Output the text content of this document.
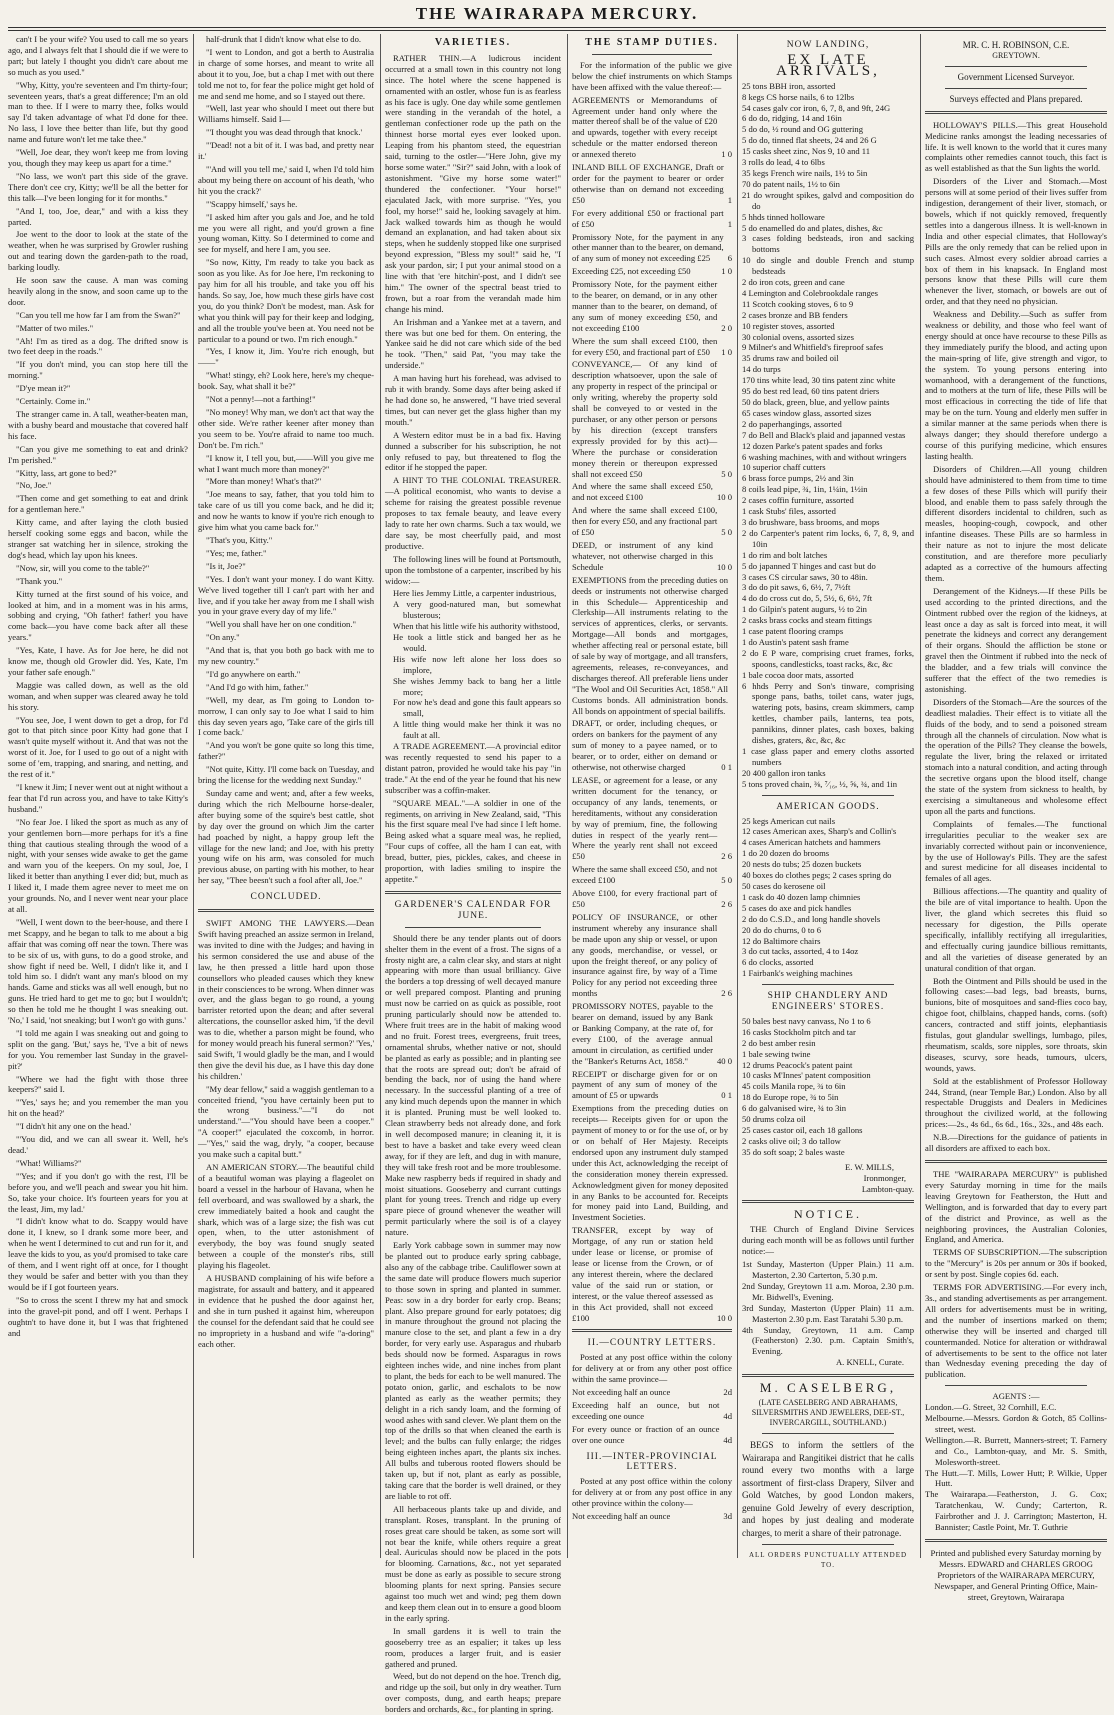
THE WAIRARAPA MERCURY.

can't I be your wife? You used to call me so years ago, and I always felt that I should die if we were to part; but lately I thought you didn't care about me so much as you used."

"Why, Kitty, you're seventeen and I'm thirty-four; seventeen years, that's a great difference; I'm an old man to thee. If I were to marry thee, folks would say I'd taken advantage of what I'd done for thee. No lass, I love thee better than life, but thy good name and future won't let me take thee."

"Well, Joe dear, they won't keep me from loving you, though they may keep us apart for a time."

"No lass, we won't part this side of the grave. There don't cee cry, Kitty; we'll be all the better for this talk—I've been longing for it for months."

"And I, too, Joe, dear," and with a kiss they parted.

Joe went to the door to look at the state of the weather, when he was surprised by Growler rushing out and tearing down the garden-path to the road, barking loudly.

He soon saw the cause. A man was coming heavily along in the snow, and soon came up to the door.

"Can you tell me how far I am from the Swan?"

"Matter of two miles."

"Ah! I'm as tired as a dog. The drifted snow is two feet deep in the roads."

"If you don't mind, you can stop here till the morning."

"D'ye mean it?"

"Certainly. Come in."

The stranger came in. A tall, weather-beaten man, with a bushy beard and moustache that covered half his face.

"Can you give me something to eat and drink? I'm perished."

"Kitty, lass, art gone to bed?"

"No, Joe."

"Then come and get something to eat and drink for a gentleman here."

Kitty came, and after laying the cloth busied herself cooking some eggs and bacon, while the stranger sat watching her in silence, stroking the dog's head, which lay upon his knees.

"Now, sir, will you come to the table?"

"Thank you."

Kitty turned at the first sound of his voice, and looked at him, and in a moment was in his arms, sobbing and crying, "Oh father! father! you have come back—you have come back after all these years."

"Yes, Kate, I have. As for Joe here, he did not know me, though old Growler did. Yes, Kate, I'm your father safe enough."

Maggie was called down, as well as the old woman, and when supper was cleared away he told his story.

"You see, Joe, I went down to get a drop, for I'd got to that pitch since poor Kitty had gone that I wasn't quite myself without it. And that was not the worst of it. Joe, for I used to go out of a night with some of 'em, trapping, and snaring, and netting, and the rest of it."

"I knew it Jim; I never went out at night without a fear that I'd run across you, and have to take Kitty's husband."

"No fear Joe. I liked the sport as much as any of your gentlemen born—more perhaps for it's a fine thing that cautious stealing through the wood of a night, with your senses wide awake to get the game and warn you of the keepers. On my soul, Joe, I liked it better than anything I ever did; but, much as I liked it, I made them agree never to meet me on your grounds. No, and I never went near your place at all.

"Well, I went down to the beer-house, and there I met Scappy, and he began to talk to me about a big affair that was coming off near the town. There was to be six of us, with guns, to do a good stroke, and show fight if need be. Well, I didn't like it, and I told him so. I didn't want any man's blood on my hands. Game and sticks was all well enough, but no guns. He tried hard to get me to go; but I wouldn't; so then he told me he thought I was sneaking out. 'No,' I said, 'not sneaking; but I won't go with guns.'

"I told me again I was sneaking out and going to split on the gang. 'But,' says he, 'I've a bit of news for you. You remember last Sunday in the gravel-pit?'

"Where we had the fight with those three keepers?" said I.

"'Yes,' says he; and you remember the man you hit on the head?'

"'I didn't hit any one on the head.'

"'You did, and we can all swear it. Well, he's dead.'

"What! Williams?"

"'Yes; and if you don't go with the rest, I'll be before you, and we'll peach and swear you hit him. So, take your choice. It's fourteen years for you at the least, Jim, my lad.'

"I didn't know what to do. Scappy would have done it, I knew, so I drank some more beer, and when he went I determined to cut and run for it, and leave the kids to you, as you'd promised to take care of them, and I went right off at once, for I thought they would be safer and better with you than they would be if I got fourteen years.

"So to cross the scent I threw my hat and smock into the gravel-pit pond, and off I went. Perhaps I oughtn't to have done it, but I was that frightened and

half-drunk that I didn't know what else to do.

"I went to London, and got a berth to Australia in charge of some horses, and meant to write all about it to you, Joe, but a chap I met with out there told me not to, for fear the police might get hold of me and send me home, and so I stayed out there.

"Well, last year who should I meet out there but Williams himself. Said I—

"'I thought you was dead through that knock.'

"'Dead! not a bit of it. I was bad, and pretty near it.'

"'And will you tell me,' said I, when I'd told him about my being there on account of his death, 'who hit you the crack?'

"'Scappy himself,' says he.

"I asked him after you gals and Joe, and he told me you were all right, and you'd grown a fine young woman, Kitty. So I determined to come and see for myself, and here I am, you see.

"So now, Kitty, I'm ready to take you back as soon as you like. As for Joe here, I'm reckoning to pay him for all his trouble, and take you off his hands. So say, Joe, how much these girls have cost you, do you think? Don't be modest, man. Ask for what you think will pay for their keep and lodging, and all the trouble you've been at. You need not be particular to a pound or two. I'm rich enough."

"Yes, I know it, Jim. You're rich enough, but——"

"What! stingy, eh? Look here, here's my cheque-book. Say, what shall it be?"

"Not a penny!—not a farthing!"

"No money! Why man, we don't act that way the other side. We're rather keener after money than you seem to be. You're afraid to name too much. Don't be. I'm rich."

"I know it, I tell you, but,——Will you give me what I want much more than money?"

"More than money! What's that?"

"Joe means to say, father, that you told him to take care of us till you come back, and he did it; and now he wants to know if you're rich enough to give him what you came back for."

"That's you, Kitty."

"Yes; me, father."

"Is it, Joe?"

"Yes. I don't want your money. I do want Kitty. We've lived together till I can't part with her and live, and if you take her away from me I shall wish you in your grave every day of my life."

"Well you shall have her on one condition."

"On any."

"And that is, that you both go back with me to my new country."

"I'd go anywhere on earth."

"And I'd go with him, father."

"Well, my dear, as I'm going to London to-morrow, I can only say to Joe what I said to him this day seven years ago, 'Take care of the girls till I come back.'

"And you won't be gone quite so long this time, father?"

"Not quite, Kitty. I'll come back on Tuesday, and bring the license for the wedding next Sunday."

Sunday came and went; and, after a few weeks, during which the rich Melbourne horse-dealer, after buying some of the squire's best cattle, shot by day over the ground on which Jim the carter had poached by night, a happy group left the village for the new land; and Joe, with his pretty young wife on his arm, was consoled for much previous abuse, on parting with his mother, to hear her say, "Thee beesn't such a fool after all, Joe."

CONCLUDED.

SWIFT AMONG THE LAWYERS.—Dean Swift having preached an assize sermon in Ireland, was invited to dine with the Judges; and having in his sermon considered the use and abuse of the law, he then pressed a little hard upon those counsellors who pleaded causes which they knew in their consciences to be wrong. When dinner was over, and the glass began to go round, a young barrister retorted upon the dean; and after several altercations, the counsellor asked him, 'if the devil was to die, whether a parson might be found, who for money would preach his funeral sermon?' 'Yes,' said Swift, 'I would gladly be the man, and I would then give the devil his due, as I have this day done his children.'

"My dear fellow," said a waggish gentleman to a conceited friend, "you have certainly been put to the wrong business."—"I do not understand."—"You should have been a cooper." "A cooper!" ejaculated the coxcomb, in horror.—"Yes," said the wag, dryly, "a cooper, because you make such a capital butt."

AN AMERICAN STORY.—The beautiful child of a beautiful woman was playing a flageolet on board a vessel in the harbour of Havana, when he fell overboard, and was swallowed by a shark, the crew immediately baited a hook and caught the shark, which was of a large size; the fish was cut open, when, to the utter astonishment of everybody, the boy was found snugly seated between a couple of the monster's ribs, still playing his flageolet.

A HUSBAND complaining of his wife before a magistrate, for assault and battery, and it appeared in evidence that he pushed the door against her, and she in turn pushed it against him, whereupon the counsel for the defendant said that he could see no impropriety in a husband and wife "a-doring" each other.

VARIETIES.

RATHER THIN.—A ludicrous incident occurred at a small town in this country not long since. The hotel where the scene happened is ornamented with an ostler, whose fun is as fearless as his face is ugly. One day while some gentlemen were standing in the verandah of the hotel, a gentleman confectioner rode up the path on the thinnest horse mortal eyes ever looked upon. Leaping from his phantom steed, the equestrian said, turning to the ostler—"Here John, give my horse some water." "Sir?" said John, with a look of astonishment. "Give my horse some water!" thundered the confectioner. "Your horse!" ejaculated Jack, with more surprise. "Yes, you fool, my horse!" said he, looking savagely at him. Jack walked towards him as though he would demand an explanation, and had taken about six steps, when he suddenly stopped like one surprised beyond expression, "Bless my soul!" said he, "I ask your pardon, sir; I put your animal stood on a line with that 'ere hitchin'-post, and I didn't see him." The owner of the spectral beast tried to frown, but a roar from the verandah made him change his mind.

An Irishman and a Yankee met at a tavern, and there was but one bed for them. On entering, the Yankee said he did not care which side of the bed he took. "Then," said Pat, "you may take the underside."

A man having hurt his forehead, was advised to rub it with brandy. Some days after being asked if he had done so, he answered, "I have tried several times, but can never get the glass higher than my mouth."

A Western editor must be in a bad fix. Having dunned a subscriber for his subscription, he not only refused to pay, but threatened to flog the editor if he stopped the paper.

A HINT TO THE COLONIAL TREASURER.—A political economist, who wants to devise a scheme for raising the greatest possible revenue proposes to tax female beauty, and leave every lady to rate her own charms. Such a tax would, we dare say, be most cheerfully paid, and most productive.

The following lines will be found at Portsmouth, upon the tombstone of a carpenter, inscribed by his widow:—

Here lies Jemmy Little, a carpenter industrious,
A very good-natured man, but somewhat blusterous;
When that his little wife his authority withstood,
He took a little stick and banged her as he would.
His wife now left alone her loss does so implore,
She wishes Jemmy back to bang her a little more;
For now he's dead and gone this fault appears so small,
A little thing would make her think it was no fault at all.

A TRADE AGREEMENT.—A provincial editor was recently requested to send his paper to a distant patron, provided he would take his pay "in trade." At the end of the year he found that his new subscriber was a coffin-maker.

"SQUARE MEAL."—A soldier in one of the regiments, on arriving in New Zealand, said, "This his the first square meal I've had since I left home. Being asked what a square meal was, he replied, "Four cups of coffee, all the ham I can eat, with bread, butter, pies, pickles, cakes, and cheese in proportion, with ladies smiling to inspire the appetite."

GARDENER'S CALENDAR FOR JUNE.

Should there be any tender plants out of doors shelter them in the event of a frost. The signs of a frosty night are, a calm clear sky, and stars at night appearing with more than usual brilliancy. Give the borders a top dressing of well decayed manure or well prepared compost. Planting and pruning must now be carried on as quick as possible, root pruning particularly should now be attended to. Where fruit trees are in the habit of making wood and no fruit. Forest trees, evergreens, fruit trees, ornamental shrubs, whether native or not, should be planted as early as possible; and in planting see that the roots are spread out; don't be afraid of bending the back, nor of using the hand where necessary. In the successful planting of a tree of any kind much depends upon the manner in which it is planted. Pruning must be well looked to. Clean strawberry beds not already done, and fork in well decomposed manure; in cleaning it, it is best to have a basket and take every weed clean away, for if they are left, and dug in with manure, they will take fresh root and be more troublesome. Make new raspberry beds if required in shady and moist situations. Gooseberry and currant cuttings plant for young trees. Trench and ridge up every spare piece of ground whenever the weather will permit particularly where the soil is of a clayey nature.

Early York cabbage sown in summer may now be planted out to produce early spring cabbage, also any of the cabbage tribe. Cauliflower sown at the same date will produce flowers much superior to those sown in spring and planted in summer. Peas: sow in a dry border for early crop. Beans; plant. Also prepare ground for early potatoes; dig in manure throughout the ground not placing the manure close to the set, and plant a few in a dry border, for very early use. Asparagus and rhubarb beds should now be formed. Asparagus in rows eighteen inches wide, and nine inches from plant to plant, the beds for each to be well manured. The potato onion, garlic, and eschalots to be now planted as early as the weather permits; they delight in a rich sandy loam, and the forming of wood ashes with sand clever. We plant them on the top of the drills so that when cleaned the earth is level; and the bulbs can fully enlarge; the ridges being eighteen inches apart, the plants six inches. All bulbs and tuberous rooted flowers should be taken up, but if not, plant as early as possible, taking care that the border is well drained, or they are liable to rot off.

All herbaceous plants take up and divide, and transplant. Roses, transplant. In the pruning of roses great care should be taken, as some sort will not bear the knife, while others require a great deal. Auriculas should now be placed in the pots for blooming. Carnations, &c., not yet separated must be done as early as possible to secure strong blooming plants for next spring. Pansies secure against too much wet and wind; peg them down and keep them clean out in to ensure a good bloom in the early spring.

In small gardens it is well to train the gooseberry tree as an espalier; it takes up less room, produces a larger fruit, and is easier gathered and pruned.

Weed, but do not depend on the hoe. Trench dig, and ridge up the soil, but only in dry weather. Turn over composts, dung, and earth heaps; prepare borders and orchards, &c., for planting in spring.

THE STAMP DUTIES.

For the information of the public we give below the chief instruments on which Stamps have been affixed with the value thereof:—

AGREEMENTS or Memorandums of Agreement under hand only where the matter thereof shall be of the value of £20 and upwards, together with every receipt schedule or the matter endorsed thereon or annexed thereto	1 0
INLAND BILL OF EXCHANGE, Draft or order for the payment to bearer or order otherwise than on demand not exceeding £50	1
For every additional £50 or fractional part of £50	1
Promissory Note, for the payment in any other manner than to the bearer, on demand, of any sum of money not exceeding £25	6
Exceeding £25, not exceeding £50	1 0
Promissory Note, for the payment either to the bearer, on demand, or in any other manner than to the bearer, on demand, of any sum of money exceeding £50, and not exceeding £100	2 0
Where the sum shall exceed £100, then for every £50, and fractional part of £50	1 0
CONVEYANCE,— Of any kind of description whatsoever, upon the sale of any property in respect of the principal or only writing, whereby the property sold shall be conveyed to or vested in the purchaser, or any other person or persons by his direction (except transfers expressly provided for by this act)— Where the purchase or consideration money therein or thereupon expressed shall not exceed £50	5 0
And where the same shall exceed £50, and not exceed £100	10 0
And where the same shall exceed £100, then for every £50, and any fractional part of £50	5 0
DEED, or instrument of any kind whatever, not otherwise charged in this Schedule	10 0
EXEMPTIONS from the preceding duties on deeds or instruments not otherwise charged in this Schedule— Apprenticeship and Clerkship—All instruments relating to the services of apprentices, clerks, or servants. Mortgage—All bonds and mortgages, whether affecting real or personal estate, bill of sale by way of mortgage, and all transfers, agreements, releases, re-conveyances, and discharges thereof. All preferable liens under "The Wool and Oil Securities Act, 1858." All Customs bonds. All administration bonds. All bonds on appointment of special bailiffs.
DRAFT, or order, including cheques, or orders on bankers for the payment of any sum of money to a payee named, or to bearer, or to order, either on demand or otherwise, not otherwise charged	0 1
LEASE, or agreement for a lease, or any written document for the tenancy, or occupancy of any lands, tenements, or hereditaments, without any consideration by way of premium, fine, the following duties in respect of the yearly rent— Where the yearly rent shall not exceed £50	2 6
Where the same shall exceed £50, and not exceed £100	5 0
Above £100, for every fractional part of £50	2 6
POLICY OF INSURANCE, or other instrument whereby any insurance shall be made upon any ship or vessel, or upon any goods, merchandise, or vessel, or upon the freight thereof, or any policy of insurance against fire, by way of a Time Policy for any period not exceeding three months	2 6
PROMISSORY NOTES, payable to the bearer on demand, issued by any Bank or Banking Company, at the rate of, for every £100, of the average annual amount in circulation, as certified under the "Banker's Returns Act, 1858."	40 0
RECEIPT or discharge given for or on payment of any sum of money of the amount of £5 or upwards	0 1
Exemptions from the preceding duties on receipts— Receipts given for or upon the payment of money to or for the use of, or by or on behalf of Her Majesty. Receipts endorsed upon any instrument duly stamped under this Act, acknowledging the receipt of the consideration money therein expressed. Acknowledgment given for money deposited in any Banks to be accounted for. Receipts for money paid into Land, Building, and Investment Societies.
TRANSFER, except by way of Mortgage, of any run or station held under lease or license, or promise of lease or license from the Crown, or of any interest therein, where the declared value of the said run or station, or interest, or the value thereof assessed as in this Act provided, shall not exceed £100	10 0
II.—COUNTRY LETTERS.

Posted at any post office within the colony for delivery at or from any other post office within the same province—

Not exceeding half an ounce	2d
Exceeding half an ounce, but not exceeding one ounce	4d
For every ounce or fraction of an ounce over one ounce	4d
III.—INTER-PROVINCIAL LETTERS.

Posted at any post office within the colony for delivery at or from any post office in any other province within the colony—

Not exceeding half an ounce	3d
NOW LANDING,
EX LATE ARRIVALS,
25 tons BBH iron, assorted
8 kegs CS horse nails, 6 to 12lbs
54 cases galv cor iron, 6, 7, 8, and 9ft, 24G
6 do do, ridging, 14 and 16in
5 do do, ½ round and OG guttering
5 do do, tinned flat sheets, 24 and 26 G
15 casks sheet zinc, Nos 9, 10 and 11
3 rolls do lead, 4 to 6lbs
35 kegs French wire nails, 1½ to 5in
70 do patent nails, 1½ to 6in
21 do wrought spikes, galvd and composition do do
5 hhds tinned holloware
5 do enamelled do and plates, dishes, &c
3 cases folding bedsteads, iron and sacking bottoms
10 do single and double French and stump bedsteads
2 do iron cots, green and cane
4 Lemington and Colebrookdale ranges
11 Scotch cooking stoves, 6 to 9
2 cases bronze and BB fenders
10 register stoves, assorted
30 colonial ovens, assorted sizes
9 Milner's and Whitfield's fireproof safes
35 drums raw and boiled oil
14 do turps
170 tins white lead, 30 tins patent zinc white
95 do best red lead, 60 tins patent driers
50 do black, green, blue, and yellow paints
65 cases window glass, assorted sizes
2 do paperhangings, assorted
7 do Bell and Black's plaid and japanned vestas
12 dozen Parke's patent spades and forks
6 washing machines, with and without wringers
10 superior chaff cutters
6 brass force pumps, 2½ and 3in
8 coils lead pipe, ¾, 1in, 1¼in, 1½in
2 cases coffin furniture, assorted
1 cask Stubs' files, assorted
3 do brushware, bass brooms, and mops
2 do Carpenter's patent rim locks, 6, 7, 8, 9, and 10in
1 do rim and bolt latches
5 do japanned T hinges and cast but do
3 cases CS circular saws, 30 to 48in.
3 do do pit saws, 6, 6½, 7, 7½ft
4 do do cross cut do, 5, 5½, 6, 6½, 7ft
1 do Gilpin's patent augurs, ½ to 2in
2 casks brass cocks and steam fittings
1 case patent flooring cramps
1 do Austin's patent sash frame
2 do E P ware, comprising cruet frames, forks, spoons, candlesticks, toast racks, &c, &c
1 bale cocoa door mats, assorted
6 hhds Perry and Son's tinware, comprising sponge pans, baths, toilet cans, water jugs, watering pots, basins, cream skimmers, camp kettles, chamber pails, lanterns, tea pots, pannikins, dinner plates, cash boxes, baking dishes, graters, &c, &c, &c
1 case glass paper and emery cloths assorted numbers
20 400 gallon iron tanks
5 tons proved chain, ⅜, ⁷⁄₁₆, ½, ⅝, ¾, and 1in
AMERICAN GOODS.
25 kegs American cut nails
12 cases American axes, Sharp's and Collin's
4 cases American hatchets and hammers
1 do 20 dozen do brooms
20 nests do tubs; 25 dozen buckets
40 boxes do clothes pegs; 2 cases spring do
50 cases do kerosene oil
1 cask do 40 dozen lamp chimnies
5 cases do axe and pick handles
2 do do C.S.D., and long handle shovels
20 do do churns, 0 to 6
12 do Baltimore chairs
3 do cut tacks, assorted, 4 to 14oz
6 do clocks, assorted
1 Fairbank's weighing machines
SHIP CHANDLERY AND ENGINEERS' STORES.
50 bales best navy canvass, No 1 to 6
16 casks Stockholm pitch and tar
2 do best amber resin
1 bale sewing twine
12 drums Peacock's patent paint
10 casks M'Innes' patent composition
45 coils Manila rope, ¾ to 6in
18 do Europe rope, ¾ to 5in
6 do galvanised wire, ¾ to 3in
50 drums colza oil
25 cases castor oil, each 18 gallons
2 casks olive oil; 3 do tallow
35 do soft soap; 2 bales waste
E. W. MILLS,
Ironmonger,
Lambton-quay.
NOTICE.

THE Church of England Divine Services during each month will be as follows until further notice:—

1st Sunday, Masterton (Upper Plain.) 11 a.m. Masterton, 2.30 Carterton, 5.30 p.m.
2nd Sunday, Greytown 11 a.m. Moroa, 2.30 p.m. Mr. Bidwell's, Evening.
3rd Sunday, Masterton (Upper Plain) 11 a.m. Masterton 2.30 p.m. East Taratahi 5.30 p.m.
4th Sunday, Greytown, 11 a.m. Camp (Featherston) 2.30. p.m. Captain Smith's, Evening.
A. KNELL, Curate.
M. CASELBERG,
(LATE CASELBERG AND ABRAHAMS, SILVERSMITHS AND JEWELERS, DEE-ST., INVERCARGILL, SOUTHLAND.)

BEGS to inform the settlers of the Wairarapa and Rangitikei district that he calls round every two months with a large assortment of first-class Drapery, Silver and Gold Watches, by good London makers, genuine Gold Jewelry of every description, and hopes by just dealing and moderate charges, to merit a share of their patronage.

ALL ORDERS PUNCTUALLY ATTENDED TO.
MR. C. H. ROBINSON, C.E.
GREYTOWN.
Government Licensed Surveyor.
Surveys effected and Plans prepared.

HOLLOWAY'S PILLS.—This great Household Medicine ranks amongst the leading necessaries of life. It is well known to the world that it cures many complaints other remedies cannot touch, this fact is as well established as that the Sun lights the world.

Disorders of the Liver and Stomach.—Most persons will at some period of their lives suffer from indigestion, derangement of their liver, stomach, or bowels, which if not quickly removed, frequently settles into a dangerous illness. It is well-known in India and other especial climates, that Holloway's Pills are the only remedy that can be relied upon in such cases. Almost every soldier abroad carries a box of them in his knapsack. In England most persons know that these Pills will cure them whenever the liver, stomach, or bowels are out of order, and that they need no physician.

Weakness and Debility.—Such as suffer from weakness or debility, and those who feel want of energy should at once have recourse to these Pills as they immediately purify the blood, and acting upon the main-spring of life, give strength and vigor, to the system. To young persons entering into womanhood, with a derangement of the functions, and to mothers at the turn of life, these Pills will be most efficacious in correcting the tide of life that may be on the turn. Young and elderly men suffer in a similar manner at the same periods when there is always danger; they should therefore undergo a course of this purifying medicine, which ensures lasting health.

Disorders of Children.—All young children should have administered to them from time to time a few doses of these Pills which will purify their blood, and enable them to pass safely through the different disorders incidental to children, such as measles, hooping-cough, cowpock, and other infantine diseases. These Pills are so harmless in their nature as not to injure the most delicate constitution, and are therefore more peculiarly adapted as a corrective of the humours affecting them.

Derangement of the Kidneys.—If these Pills be used according to the printed directions, and the Ointment rubbed over the region of the kidneys, at least once a day as salt is forced into meat, it will penetrate the kidneys and correct any derangement of their organs. Should the affliction be stone or gravel then the Ointment if rubbed into the neck of the bladder, and a few trials will convince the sufferer that the effect of the two remedies is astonishing.

Disorders of the Stomach—Are the sources of the deadliest maladies. Their effect is to vitiate all the fluids of the body, and to send a poisoned stream through all the channels of circulation. Now what is the operation of the Pills? They cleanse the bowels, regulate the liver, bring the relaxed or irritated stomach into a natural condition, and acting through the secretive organs upon the blood itself, change the state of the system from sickness to health, by exercising a simultaneous and wholesome effect upon all the parts and functions.

Complaints of females.—The functional irregularities peculiar to the weaker sex are invariably corrected without pain or inconvenience, by the use of Holloway's Pills. They are the safest and surest medicine for all diseases incidental to females of all ages.

Billious affections.—The quantity and quality of the bile are of vital importance to health. Upon the liver, the gland which secretes this fluid so necessary for digestion, the Pills operate specifically, infallibly rectifying all irregularities, and effectually curing jaundice billious remittants, and all the varieties of disease generated by an unatural condition of that organ.

Both the Ointment and Pills should be used in the following cases:—bad legs, bad breasts, burns, bunions, bite of mosquitoes and sand-flies coco bay, chigoe foot, chilblains, chapped hands, corns. (soft) cancers, contracted and stiff joints, elephantiasis fistulas, gout glandular swellings, lumbago, piles, rheumatism, scalds, sore nipples, sore throats, skin diseases, scurvy, sore heads, tumours, ulcers, wounds, yaws.

Sold at the establishment of Professor Holloway 244, Strand, (near Temple Bar,) London. Also by all respectable Druggists and Dealers in Medicines throughout the civilized world, at the following prices:—2s., 4s 6d., 6s 6d., 16s., 32s., and 48s each.

N.B.—Directions for the guidance of patients in all disorders are affixed to each box.

THE "WAIRARAPA MERCURY" is published every Saturday morning in time for the mails leaving Greytown for Featherston, the Hutt and Wellington, and is forwarded that day to every part of the district and Province, as well as the neighboring provinces, the Australian Colonies, England, and America.

TERMS OF SUBSCRIPTION.—The subscription to the "Mercury" is 20s per annum or 30s if booked, or sent by post. Single copies 6d. each.

TERMS FOR ADVERTISING.—For every inch, 3s., and standing advertisements as per arrangement. All orders for advertisements must be in writing, and the number of insertions marked on them; otherwise they will be inserted and charged till countermanded. Notice for alteration or withdrawal of advertisements to be sent to the office not later than Wednesday evening preceding the day of publication.

AGENTS :—
London.—G. Street, 32 Cornhill, E.C.
Melbourne.—Messrs. Gordon & Gotch, 85 Collins-street, west.
Wellington.—R. Burrett, Manners-street; T. Farnery and Co., Lambton-quay, and Mr. S. Smith, Molesworth-street.
The Hutt.—T. Mills, Lower Hutt; P. Wilkie, Upper Hutt.
The Wairarapa.—Featherston, J. G. Cox; Taratchenkau, W. Cundy; Carterton, R. Fairbrother and J. J. Carrington; Masterton, H. Bannister; Castle Point, Mr. T. Guthrie

Printed and published every Saturday morning by Messrs. EDWARD and CHARLES GROOG Proprietors of the WAIRARAPA MERCURY, Newspaper, and General Printing Office, Main-street, Greytown, Wairarapa
